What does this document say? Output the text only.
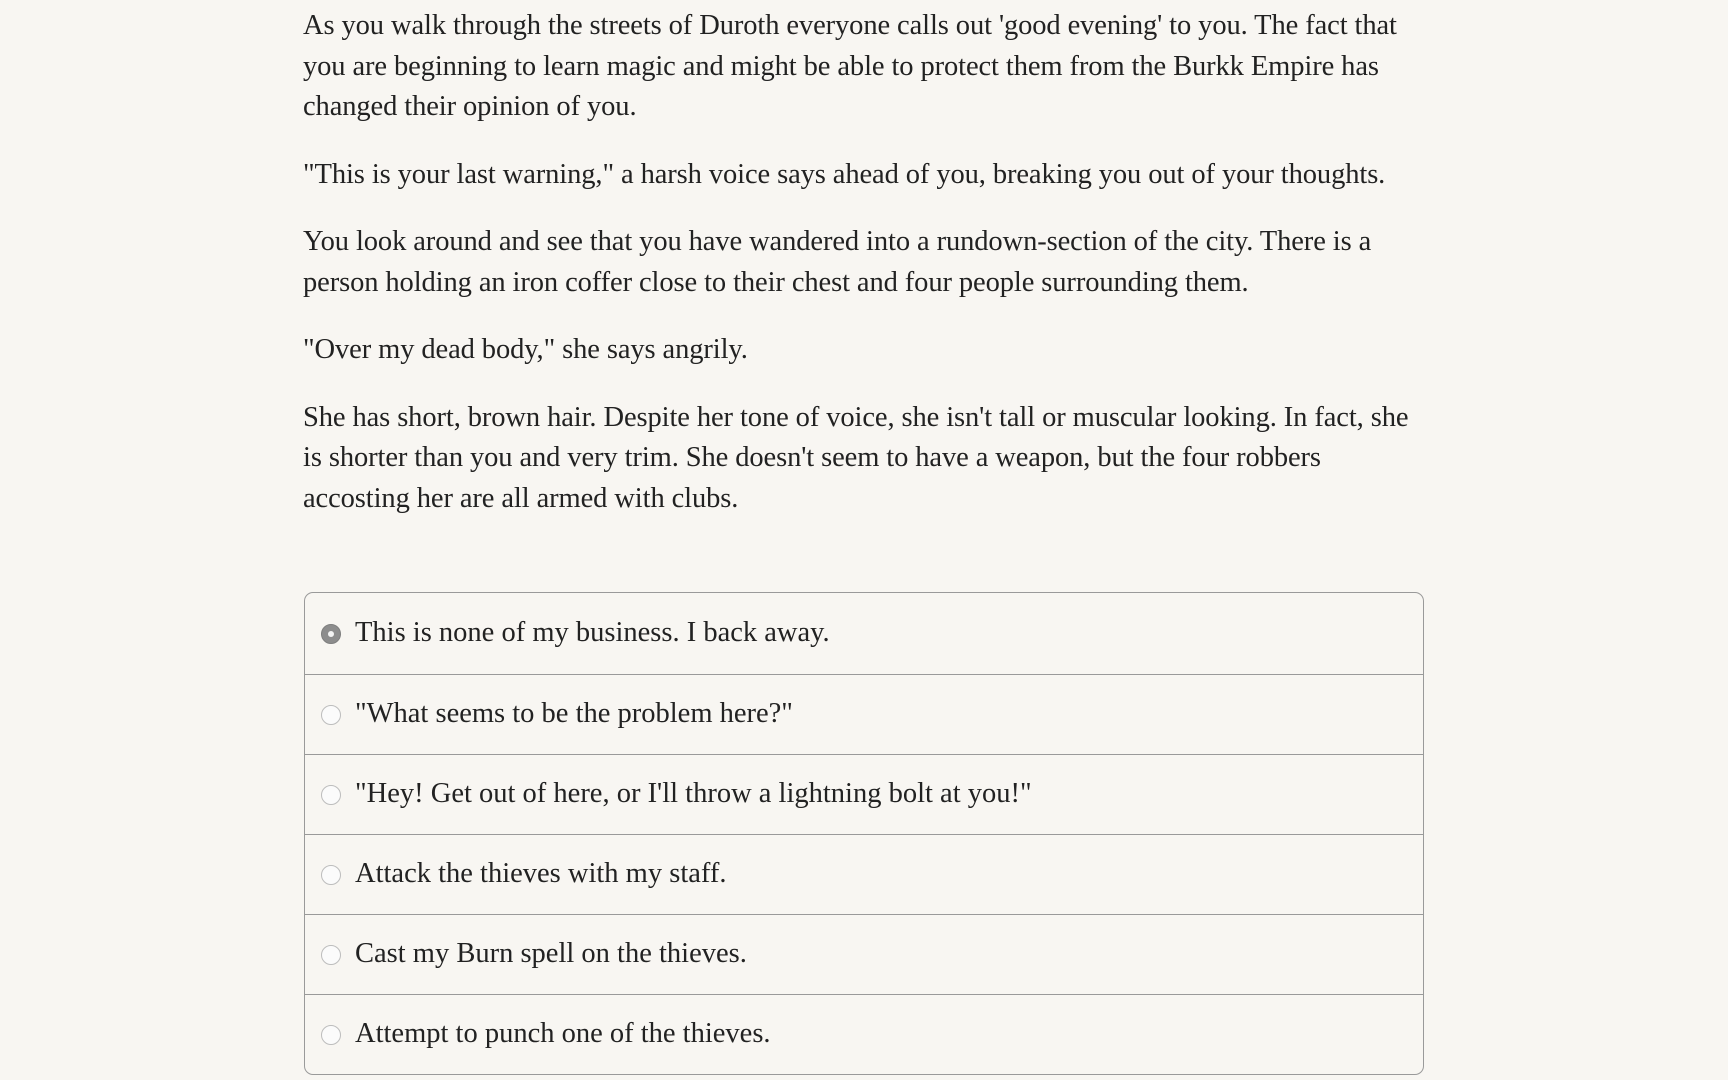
As you walk through the streets of Duroth everyone calls out 'good evening' to you. The fact that you are beginning to learn magic and might be able to protect them from the Burkk Empire has changed their opinion of you.

"This is your last warning," a harsh voice says ahead of you, breaking you out of your thoughts.

You look around and see that you have wandered into a rundown-section of the city. There is a person holding an iron coffer close to their chest and four people surrounding them.

"Over my dead body," she says angrily.

She has short, brown hair. Despite her tone of voice, she isn't tall or muscular looking. In fact, she is shorter than you and very trim. She doesn't seem to have a weapon, but the four robbers accosting her are all armed with clubs.

This is none of my business. I back away.
"What seems to be the problem here?"
"Hey! Get out of here, or I'll throw a lightning bolt at you!"
Attack the thieves with my staff.
Cast my Burn spell on the thieves.
Attempt to punch one of the thieves.
